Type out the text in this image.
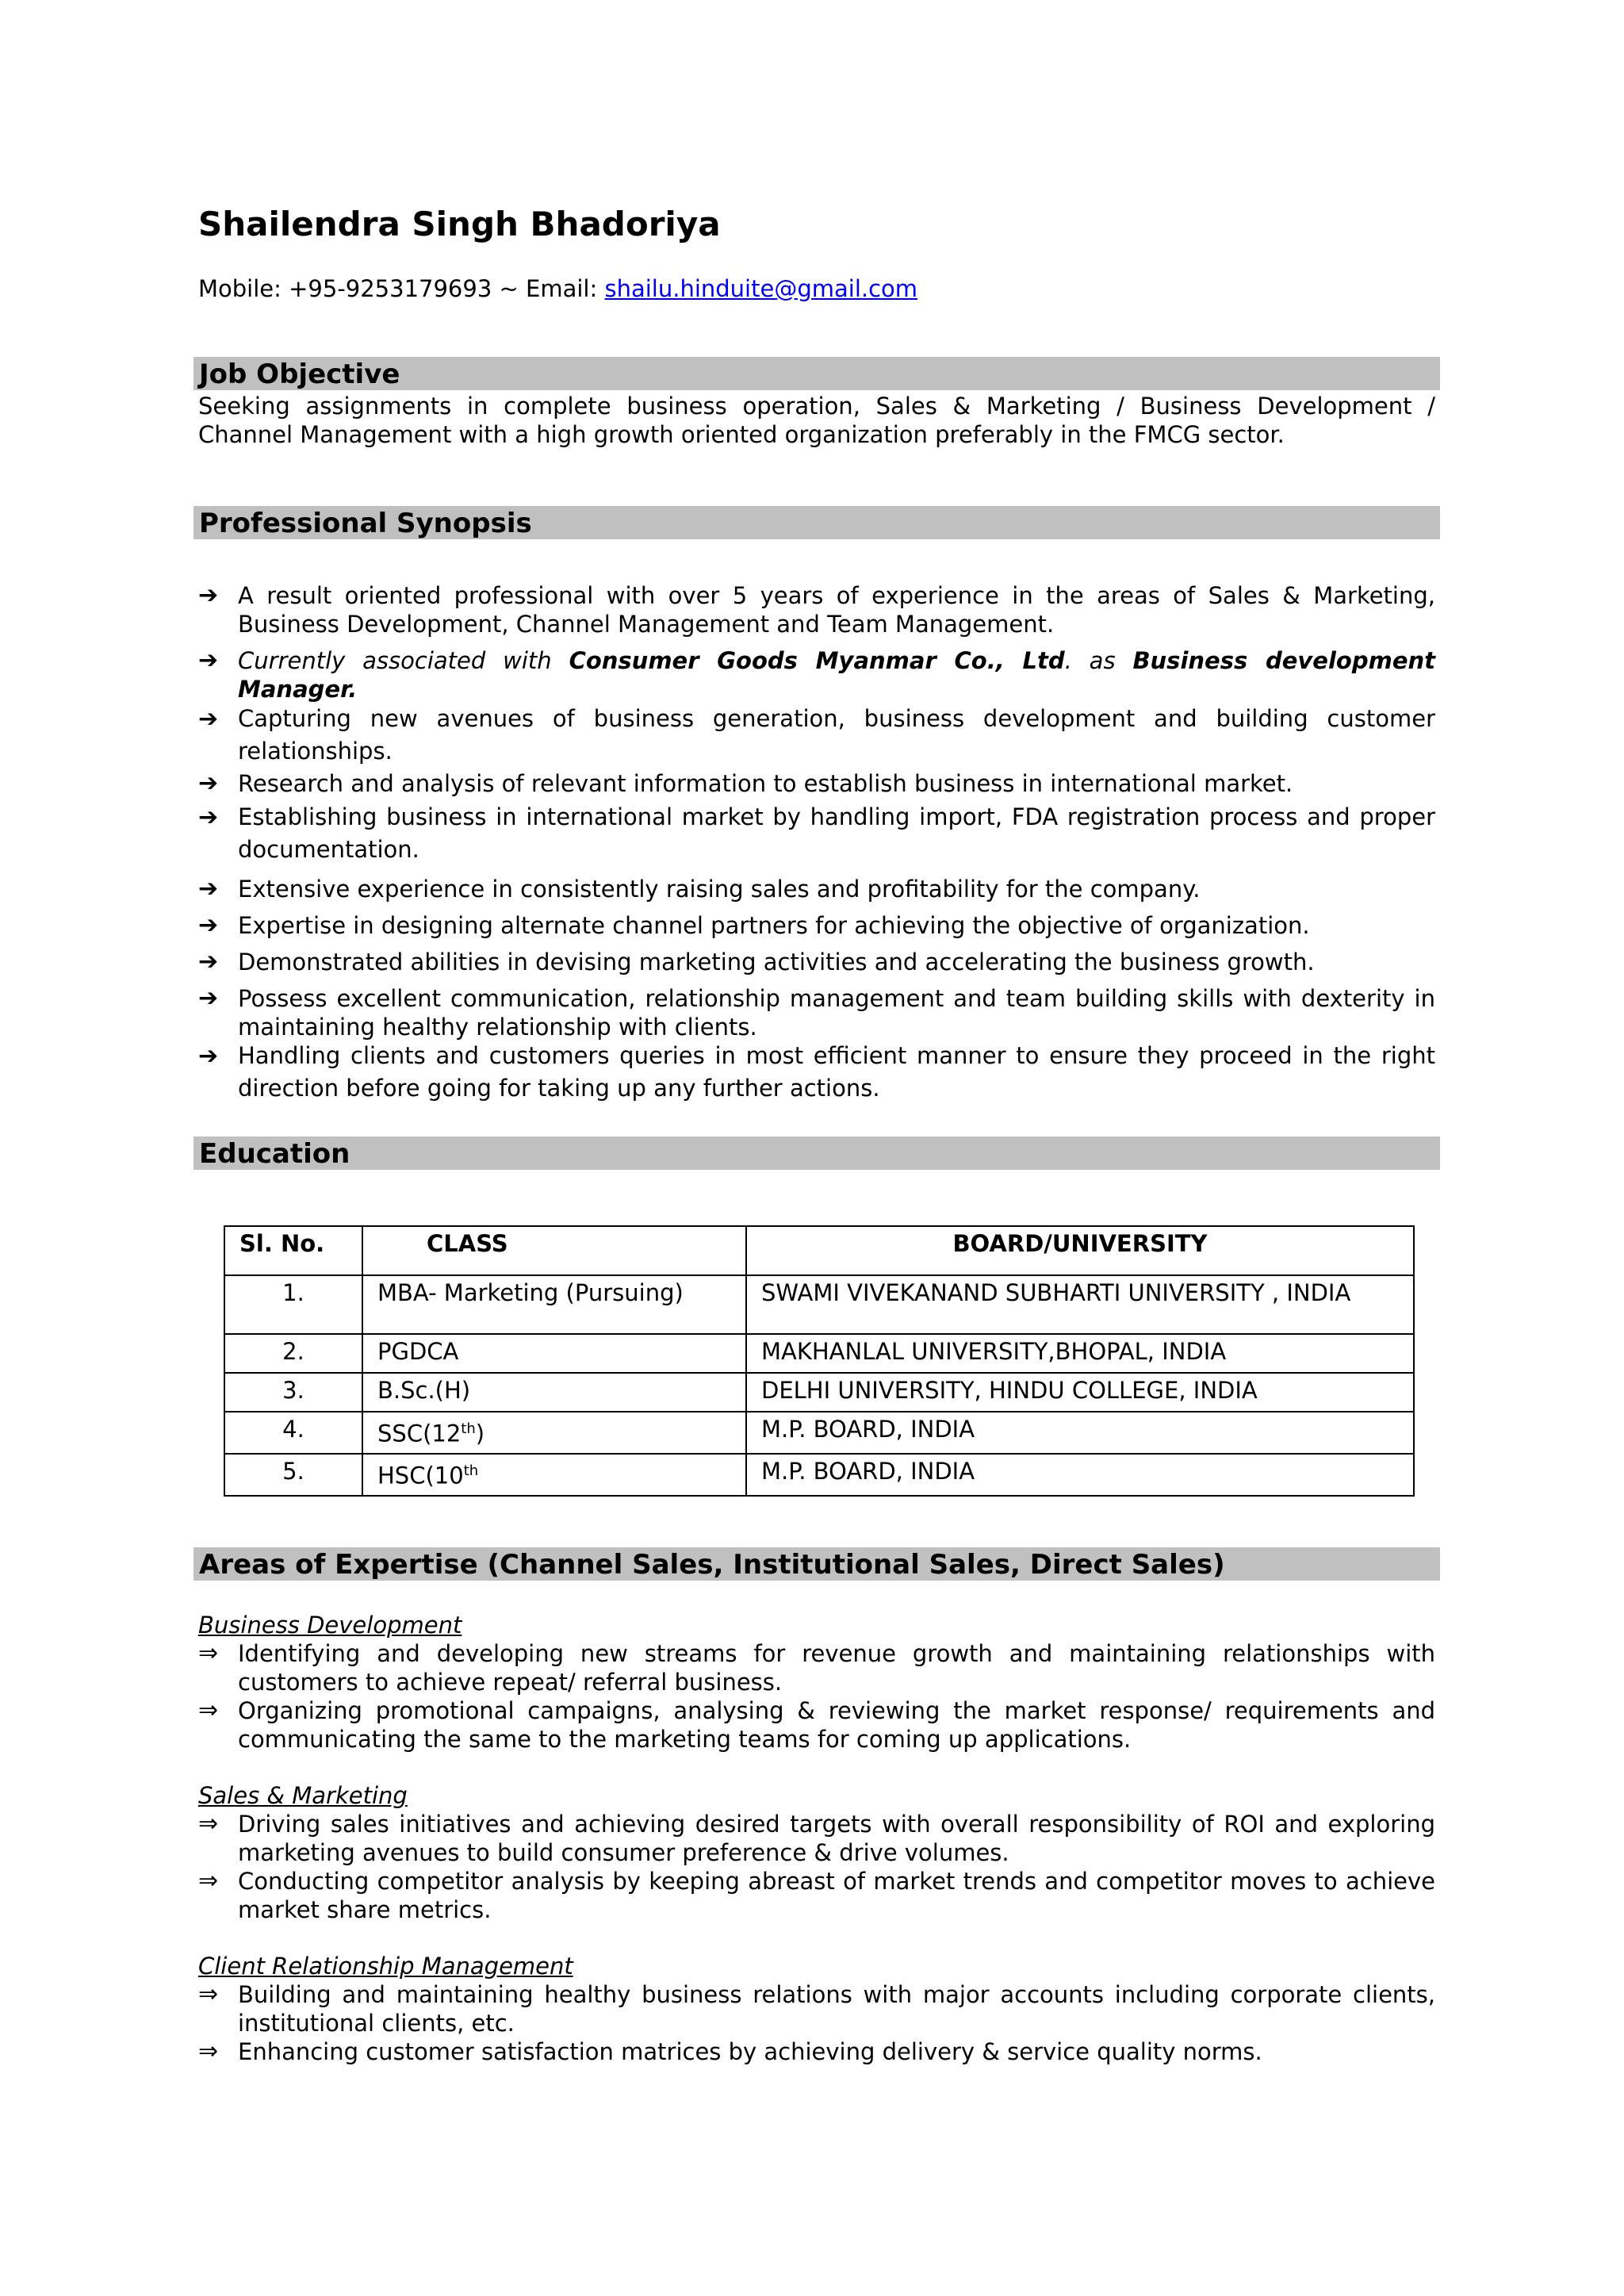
Shailendra Singh Bhadoriya
Mobile: +95-9253179693 ~ Email: shailu.hinduite@gmail.com
Job Objective
Seeking assignments in complete business operation, Sales & Marketing / Business Development / Channel Management with a high growth oriented organization preferably in the FMCG sector.
Professional Synopsis
➔ A result oriented professional with over 5 years of experience in the areas of Sales & Marketing, Business Development, Channel Management and Team Management.
➔ Currently associated with Consumer Goods Myanmar Co., Ltd. as Business development Manager.
➔ Capturing new avenues of business generation, business development and building customer relationships.
➔ Research and analysis of relevant information to establish business in international market.
➔ Establishing business in international market by handling import, FDA registration process and proper documentation.
➔ Extensive experience in consistently raising sales and profitability for the company.
➔ Expertise in designing alternate channel partners for achieving the objective of organization.
➔ Demonstrated abilities in devising marketing activities and accelerating the business growth.
➔ Possess excellent communication, relationship management and team building skills with dexterity in maintaining healthy relationship with clients.
➔ Handling clients and customers queries in most efficient manner to ensure they proceed in the right direction before going for taking up any further actions.
Education
Sl. No.	CLASS	BOARD/UNIVERSITY
1.	MBA- Marketing (Pursuing)	SWAMI VIVEKANAND SUBHARTI UNIVERSITY , INDIA
2.	PGDCA	MAKHANLAL UNIVERSITY,BHOPAL, INDIA
3.	B.Sc.(H)	DELHI UNIVERSITY, HINDU COLLEGE, INDIA
4.	SSC(12th)	M.P. BOARD, INDIA
5.	HSC(10th	M.P. BOARD, INDIA
Areas of Expertise (Channel Sales, Institutional Sales, Direct Sales)
Business Development
⇒ Identifying and developing new streams for revenue growth and maintaining relationships with customers to achieve repeat/ referral business.
⇒ Organizing promotional campaigns, analysing & reviewing the market response/ requirements and communicating the same to the marketing teams for coming up applications.
Sales & Marketing
⇒ Driving sales initiatives and achieving desired targets with overall responsibility of ROI and exploring marketing avenues to build consumer preference & drive volumes.
⇒ Conducting competitor analysis by keeping abreast of market trends and competitor moves to achieve market share metrics.
Client Relationship Management
⇒ Building and maintaining healthy business relations with major accounts including corporate clients, institutional clients, etc.
⇒ Enhancing customer satisfaction matrices by achieving delivery & service quality norms.
